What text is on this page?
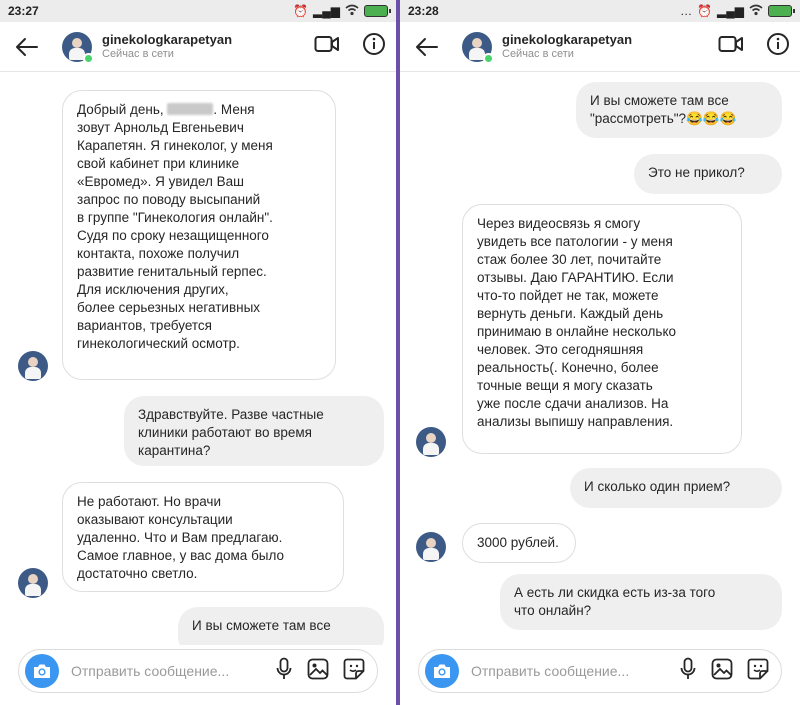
23:27	⏰ ▂▄▆
ginekologkarapetyan
Сейчас в сети
Добрый день,	. Меня
зовут Арнольд Евгеньевич
Карапетян. Я гинеколог, у меня
свой кабинет при клинике
«Евромед». Я увидел Ваш
запрос по поводу высыпаний
в группе "Гинекология онлайн".
Судя по сроку незащищенного
контакта, похоже получил
развитие генитальный герпес.
Для исключения других,
более серьезных негативных
вариантов, требуется
гинекологический осмотр.
Здравствуйте. Разве частные
клиники работают во время
карантина?
Не работают. Но врачи
оказывают консультации
удаленно. Что и Вам предлагаю.
Самое главное, у вас дома было
достаточно светло.
И вы сможете там все
Отправить сообщение...
23:28	… ⏰ ▂▄▆
ginekologkarapetyan
Сейчас в сети
И вы сможете там все
"рассмотреть"?😂😂😂
Это не прикол?
Через видеосвязь я смогу
увидеть все патологии - у меня
стаж более 30 лет, почитайте
отзывы. Даю ГАРАНТИЮ. Если
что-то пойдет не так, можете
вернуть деньги. Каждый день
принимаю в онлайне несколько
человек. Это сегодняшняя
реальность(. Конечно, более
точные вещи я могу сказать
уже после сдачи анализов. На
анализы выпишу направления.
И сколько один прием?
3000 рублей.
А есть ли скидка есть из-за того
что онлайн?
Отправить сообщение...
